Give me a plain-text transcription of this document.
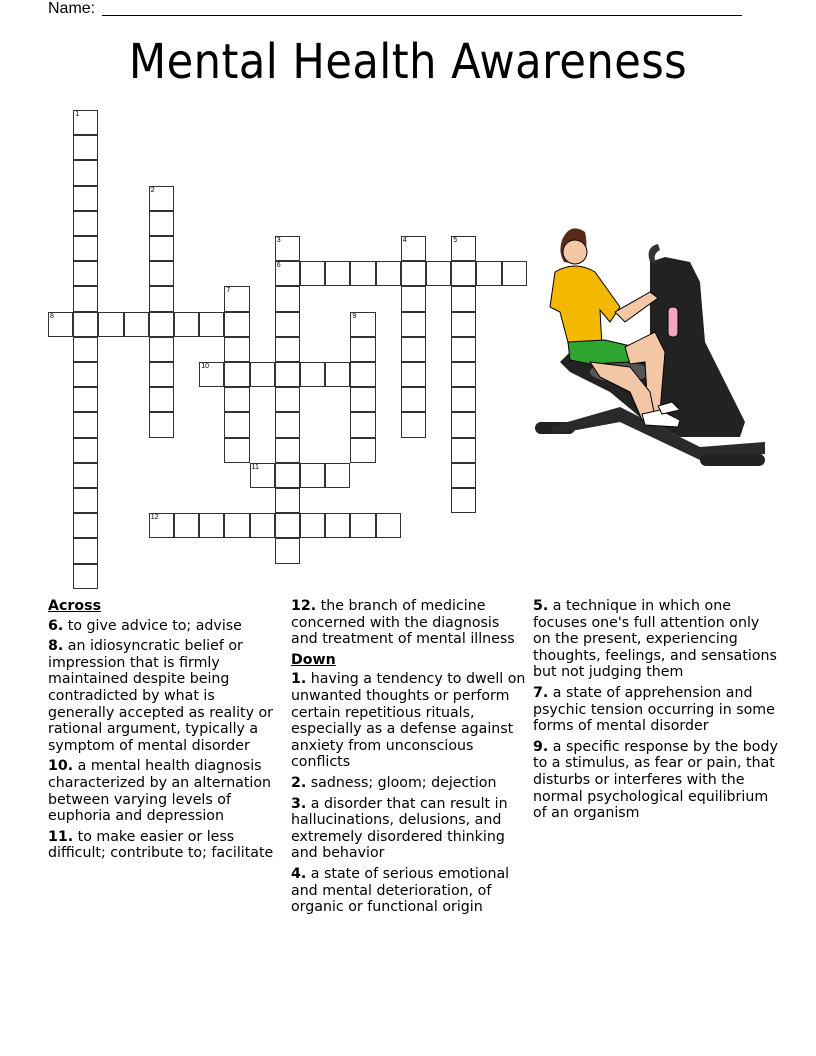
Name:
Mental Health Awareness
1
2
3
6
4	5
7
8	9
10
11
12
Across
6. to give advice to; advise
8. an idiosyncratic belief or impression that is firmly maintained despite being contradicted by what is generally accepted as reality or rational argument, typically a symptom of mental disorder
10. a mental health diagnosis characterized by an alternation between varying levels of euphoria and depression
11. to make easier or less difficult; contribute to; facilitate
12. the branch of medicine concerned with the diagnosis and treatment of mental illness
Down
1. having a tendency to dwell on unwanted thoughts or perform certain repetitious rituals, especially as a defense against anxiety from unconscious conflicts
2. sadness; gloom; dejection
3. a disorder that can result in hallucinations, delusions, and extremely disordered thinking and behavior
4. a state of serious emotional and mental deterioration, of organic or functional origin
5. a technique in which one focuses one's full attention only on the present, experiencing thoughts, feelings, and sensations but not judging them
7. a state of apprehension and psychic tension occurring in some forms of mental disorder
9. a specific response by the body to a stimulus, as fear or pain, that disturbs or interferes with the normal psychological equilibrium of an organism
